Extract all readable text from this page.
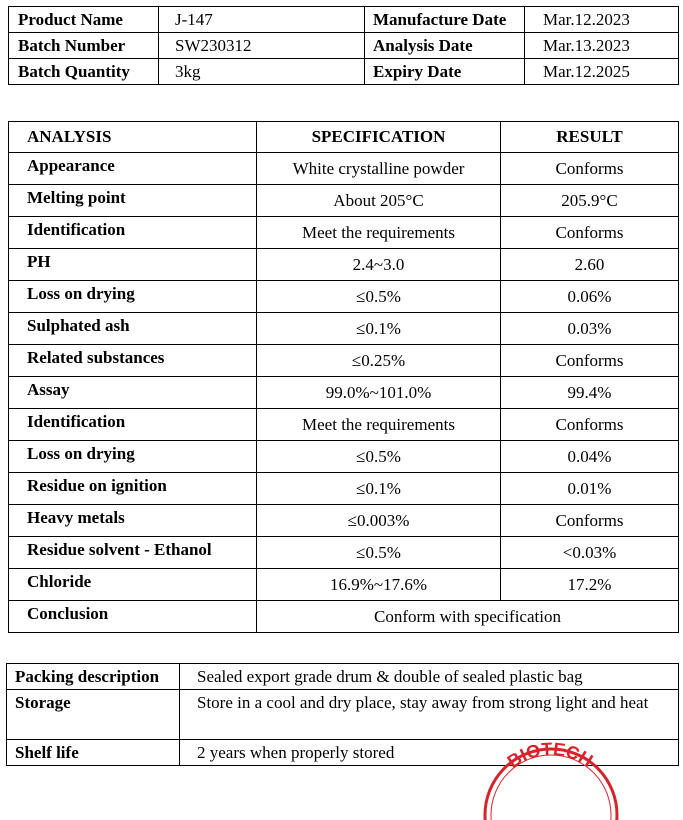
Product Name	J-147	Manufacture Date	Mar.12.2023
Batch Number	SW230312	Analysis Date	Mar.13.2023
Batch Quantity	3kg	Expiry Date	Mar.12.2025
ANALYSIS	SPECIFICATION	RESULT
Appearance	White crystalline powder	Conforms
Melting point	About 205°C	205.9°C
Identification	Meet the requirements	Conforms
PH	2.4~3.0	2.60
Loss on drying	≤0.5%	0.06%
Sulphated ash	≤0.1%	0.03%
Related substances	≤0.25%	Conforms
Assay	99.0%~101.0%	99.4%
Identification	Meet the requirements	Conforms
Loss on drying	≤0.5%	0.04%
Residue on ignition	≤0.1%	0.01%
Heavy metals	≤0.003%	Conforms
Residue solvent - Ethanol	≤0.5%	<0.03%
Chloride	16.9%~17.6%	17.2%
Conclusion	Conform with specification	
Packing description	Sealed export grade drum & double of sealed plastic bag
Storage	Store in a cool and dry place, stay away from strong light and heat
Shelf life	2 years when properly stored	BIOTECH
